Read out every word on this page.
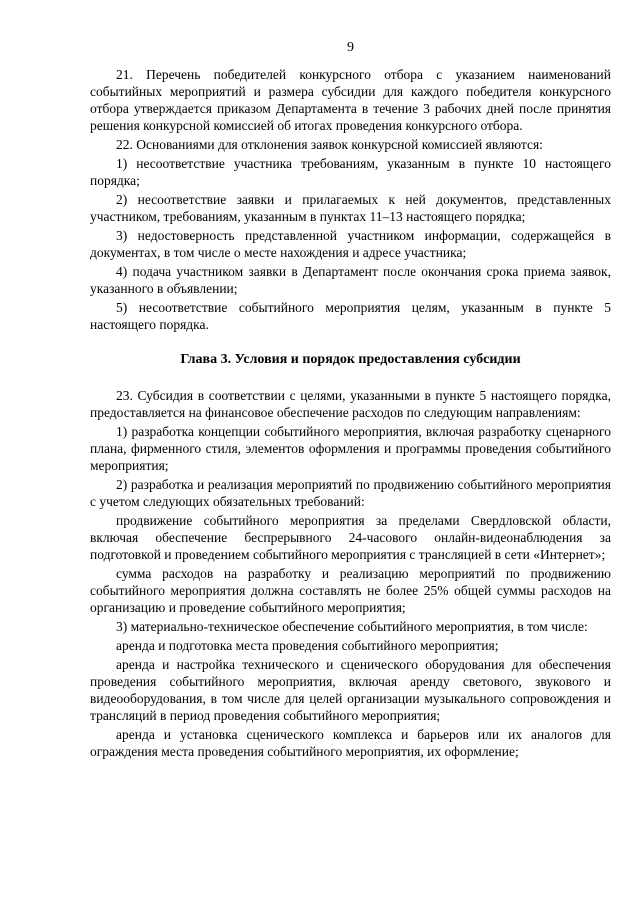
9

21. Перечень победителей конкурсного отбора с указанием наименований событийных мероприятий и размера субсидии для каждого победителя конкурсного отбора утверждается приказом Департамента в течение 3 рабочих дней после принятия решения конкурсной комиссией об итогах проведения конкурсного отбора.

22. Основаниями для отклонения заявок конкурсной комиссией являются:

1) несоответствие участника требованиям, указанным в пункте 10 настоящего порядка;

2) несоответствие заявки и прилагаемых к ней документов, представленных участником, требованиям, указанным в пунктах 11–13 настоящего порядка;

3) недостоверность представленной участником информации, содержащейся в документах, в том числе о месте нахождения и адресе участника;

4) подача участником заявки в Департамент после окончания срока приема заявок, указанного в объявлении;

5) несоответствие событийного мероприятия целям, указанным в пункте 5 настоящего порядка.

Глава 3. Условия и порядок предоставления субсидии

23. Субсидия в соответствии с целями, указанными в пункте 5 настоящего порядка, предоставляется на финансовое обеспечение расходов по следующим направлениям:

1) разработка концепции событийного мероприятия, включая разработку сценарного плана, фирменного стиля, элементов оформления и программы проведения событийного мероприятия;

2) разработка и реализация мероприятий по продвижению событийного мероприятия с учетом следующих обязательных требований:

продвижение событийного мероприятия за пределами Свердловской области, включая обеспечение беспрерывного 24-часового онлайн-видеонаблюдения за подготовкой и проведением событийного мероприятия с трансляцией в сети «Интернет»;

сумма расходов на разработку и реализацию мероприятий по продвижению событийного мероприятия должна составлять не более 25% общей суммы расходов на организацию и проведение событийного мероприятия;

3) материально-техническое обеспечение событийного мероприятия, в том числе:

аренда и подготовка места проведения событийного мероприятия;

аренда и настройка технического и сценического оборудования для обеспечения проведения событийного мероприятия, включая аренду светового, звукового и видеооборудования, в том числе для целей организации музыкального сопровождения и трансляций в период проведения событийного мероприятия;

аренда и установка сценического комплекса и барьеров или их аналогов для ограждения места проведения событийного мероприятия, их оформление;
